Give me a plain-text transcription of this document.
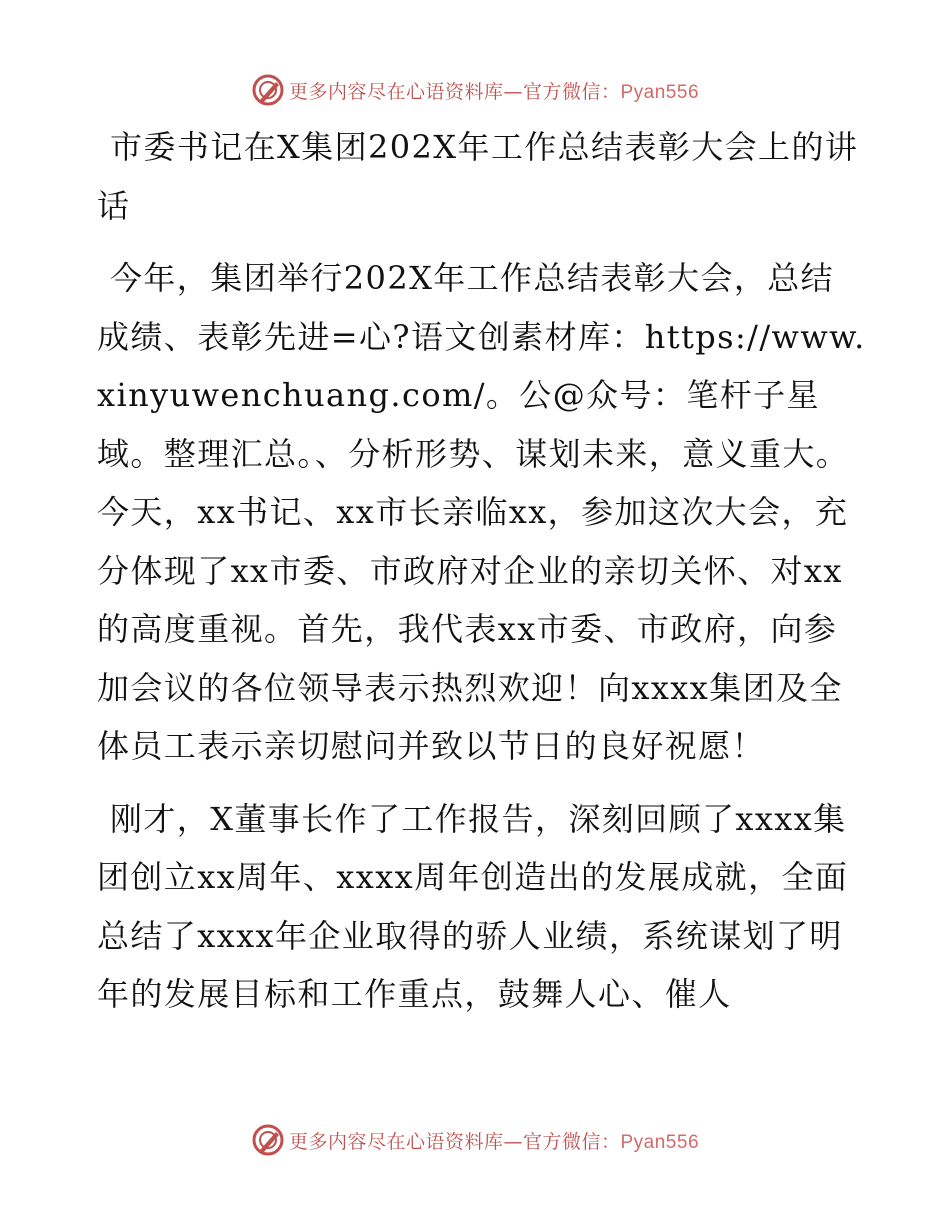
更多内容尽在心语资料库—官方微信：Pyan556

市委书记在X集团202X年工作总结表彰大会上的讲话

今年，集团举行202X年工作总结表彰大会，总结成绩、表彰先进=心?语文创素材库：https://www.xinyuwenchuang.com/。公@众号：笔杆子星域。整理汇总。、分析形势、谋划未来，意义重大。今天，xx书记、xx市长亲临xx，参加这次大会，充分体现了xx市委、市政府对企业的亲切关怀、对xx的高度重视。首先，我代表xx市委、市政府，向参加会议的各位领导表示热烈欢迎！向xxxx集团及全体员工表示亲切慰问并致以节日的良好祝愿！

刚才，X董事长作了工作报告，深刻回顾了xxxx集团创立xx周年、xxxx周年创造出的发展成就，全面总结了xxxx年企业取得的骄人业绩，系统谋划了明年的发展目标和工作重点，鼓舞人心、催人

更多内容尽在心语资料库—官方微信：Pyan556
